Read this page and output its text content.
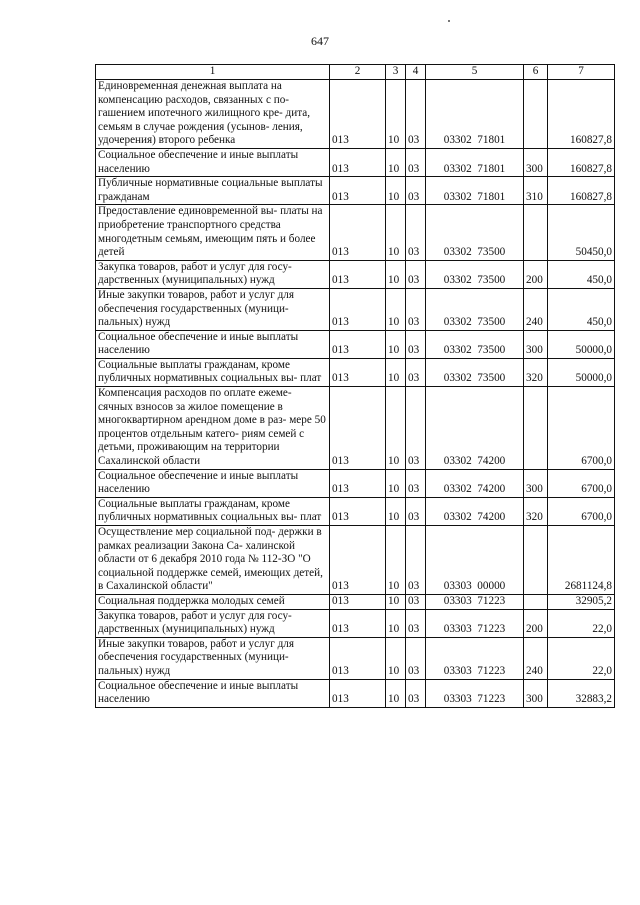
647
1	2	3	4	5	6	7
Единовременная денежная выплата на компенсацию расходов, связанных с по- гашением ипотечного жилищного кре- дита, семьям в случае рождения (усынов- ления, удочерения) второго ребенка	013	10	03	03302  71801		160827,8
Социальное обеспечение и иные выплаты населению	013	10	03	03302  71801	300	160827,8
Публичные нормативные социальные выплаты гражданам	013	10	03	03302  71801	310	160827,8
Предоставление единовременной вы- платы на приобретение транспортного средства многодетным семьям, имеющим пять и более детей	013	10	03	03302  73500		50450,0
Закупка товаров, работ и услуг для госу- дарственных (муниципальных) нужд	013	10	03	03302  73500	200	450,0
Иные закупки товаров, работ и услуг для обеспечения государственных (муници- пальных) нужд	013	10	03	03302  73500	240	450,0
Социальное обеспечение и иные выплаты населению	013	10	03	03302  73500	300	50000,0
Социальные выплаты гражданам, кроме публичных нормативных социальных вы- плат	013	10	03	03302  73500	320	50000,0
Компенсация расходов по оплате ежеме- сячных взносов за жилое помещение в многоквартирном арендном доме в раз- мере 50 процентов отдельным катего- риям семей с детьми, проживающим на территории Сахалинской области	013	10	03	03302  74200		6700,0
Социальное обеспечение и иные выплаты населению	013	10	03	03302  74200	300	6700,0
Социальные выплаты гражданам, кроме публичных нормативных социальных вы- плат	013	10	03	03302  74200	320	6700,0
Осуществление мер социальной под- держки в рамках реализации Закона Са- халинской области от 6 декабря 2010 года № 112-ЗО "О социальной поддержке семей, имеющих детей, в Сахалинской области"	013	10	03	03303  00000		2681124,8
Социальная поддержка молодых семей	013	10	03	03303  71223		32905,2
Закупка товаров, работ и услуг для госу- дарственных (муниципальных) нужд	013	10	03	03303  71223	200	22,0
Иные закупки товаров, работ и услуг для обеспечения государственных (муници- пальных) нужд	013	10	03	03303  71223	240	22,0
Социальное обеспечение и иные выплаты населению	013	10	03	03303  71223	300	32883,2
